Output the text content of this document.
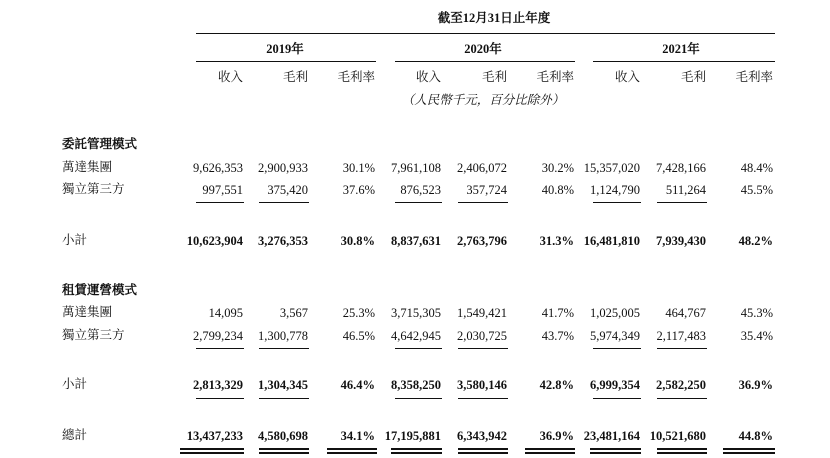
截至12月31日止年度
2019年	2020年	2021年
收入	毛利 毛利率	收入	毛利 毛利率	收入	毛利 毛利率
（人民幣千元，百分比除外）
委託管理模式
萬達集團	9,626,353 2,900,933	30.1% 7,961,108 2,406,072	30.2% 15,357,020 7,428,166	48.4%
獨立第三方	997,551 375,420	37.6% 876,523 357,724	40.8% 1,124,790 511,264	45.5%
小計	10,623,904 3,276,353	30.8% 8,837,631 2,763,796	31.3% 16,481,810 7,939,430	48.2%
租賃運營模式
萬達集團	14,095	3,567	25.3% 3,715,305 1,549,421	41.7% 1,025,005 464,767	45.3%
獨立第三方	2,799,234 1,300,778	46.5% 4,642,945 2,030,725	43.7% 5,974,349 2,117,483	35.4%
小計	2,813,329 1,304,345	46.4% 8,358,250 3,580,146	42.8% 6,999,354 2,582,250	36.9%
總計	13,437,233 4,580,698	34.1% 17,195,881 6,343,942	36.9% 23,481,164 10,521,680	44.8%
